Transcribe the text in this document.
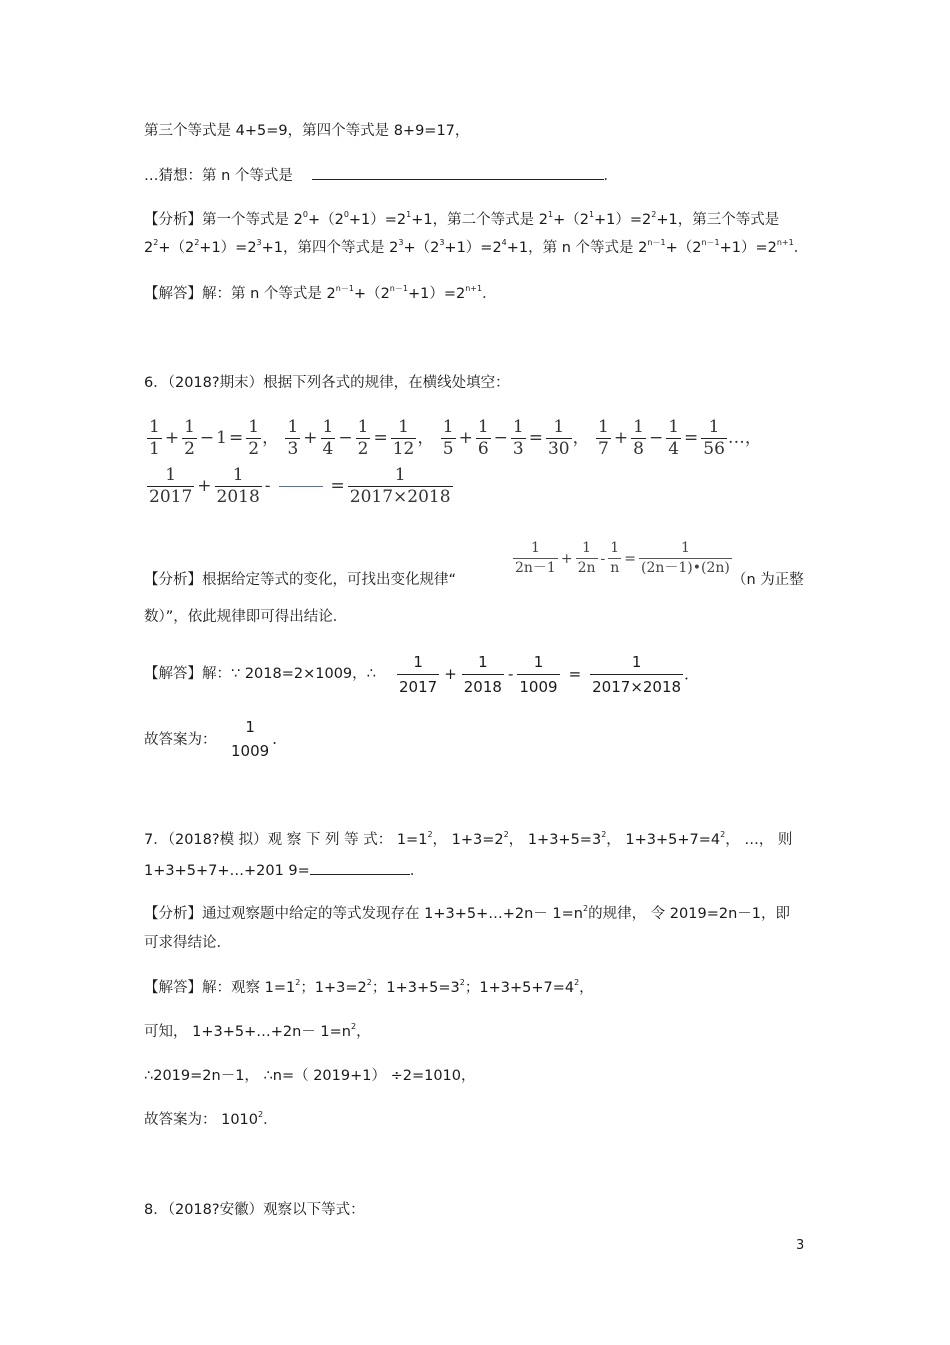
第三个等式是 4+5=9，第四个等式是 8+9=17，
…猜想：第 n 个等式是	．
【分析】第一个等式是 $2^0+(2^0+1)=2^1+1$，第二个等式是 $2^1+(2^1+1)=2^2+1$，第三个等式是
$2^2+(2^2+1)=2^3+1$，第四个等式是 $2^3+(2^3+1)=2^4+1$，第 n 个等式是 $2^{n-1}+(2^{n-1}+1)=2^{n+1}$．
【解答】解：第 n 个等式是 $2^{n-1}+(2^{n-1}+1)=2^{n+1}$．
6．（2018?期末）根据下列各式的规律，在横线处填空：
$\frac{1}{1} + \frac{1}{2} - 1 = \frac{1}{2}$ ， $\frac{1}{3} + \frac{1}{4} - \frac{1}{2} = \frac{1}{12}$ ， $\frac{1}{5} + \frac{1}{6} - \frac{1}{3} = \frac{1}{30}$ ， $\frac{1}{7} + \frac{1}{8} - \frac{1}{4} = \frac{1}{56}$ …，
$\frac{1}{2017} + \frac{1}{2018}$ -	= $\frac{1}{2017\times 2018}$
【分析】根据给定等式的变化，可找出变化规律“
$\frac{1}{2n-1} + \frac{1}{2n} - \frac{1}{n} = \frac{1}{(2n-1)•(2n)}$
（n 为正整
数）”，依此规律即可得出结论．
【解答】解：∵ 2018=2×1009，∴ $\frac{1}{2017} + \frac{1}{2018} - \frac{1}{1009} = \frac{1}{2017\times 2018}$ ．
故答案为：
1
1009
．
7．（2018?模 拟）观 察 下 列 等 式： $1=1^2$， $1+3=2^2$， $1+3+5=3^2$， $1+3+5+7=4^2$， …， 则
1+3+5+7+…+201 9=	．
【分析】通过观察题中给定的等式发现存在 1+3+5+…+2n－ $1=n^2$的规律， 令 2019=2n－1，即
可求得结论．
【解答】解：观察 $1=1^2$；$1+3=2^2$；$1+3+5=3^2$；$1+3+5+7=4^2$，
可知， 1+3+5+…+2n－ $1=n^2$，
∴2019=2n－1， ∴n=（ 2019+1） ÷2=1010，
故答案为： 1010$^2$．
8．（2018?安徽）观察以下等式：
3
